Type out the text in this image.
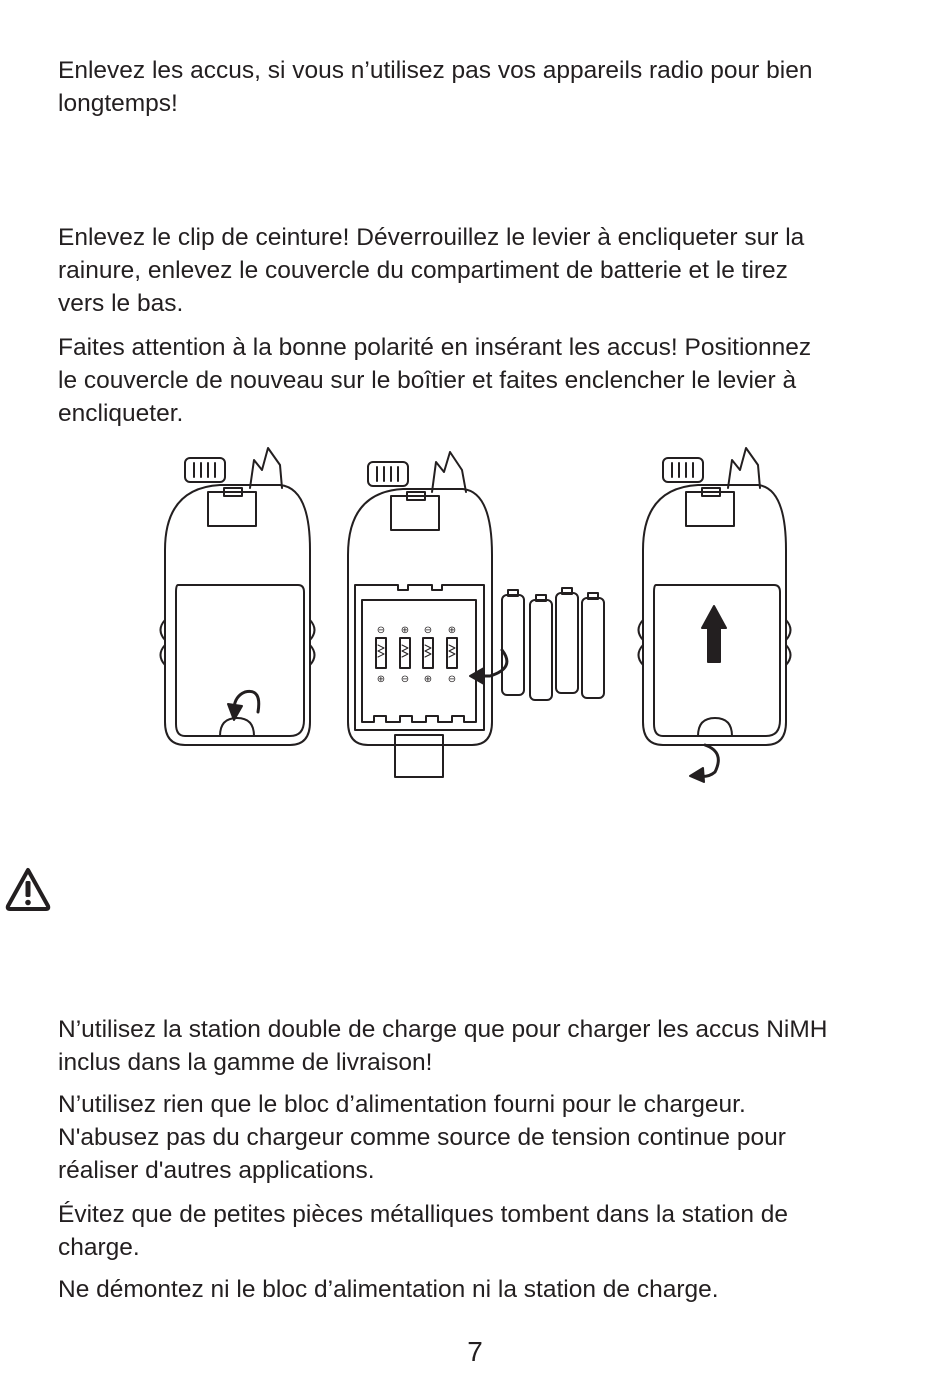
Enlevez les accus, si vous n’utilisez pas vos appareils radio pour bien
longtemps!
Enlevez le clip de ceinture! Déverrouillez le levier à encliqueter sur la
rainure, enlevez le couvercle du compartiment de batterie et le tirez
vers le bas.
Faites attention à la bonne polarité en insérant les accus! Positionnez
le couvercle de nouveau sur le boîtier et faites enclencher le levier à
encliqueter.
⊖ ⊕ ⊖ ⊕
⊕ ⊖ ⊕ ⊖
N’utilisez la station double de charge que pour charger les accus NiMH
inclus dans la gamme de livraison!
N’utilisez rien que le bloc d’alimentation fourni pour le chargeur.
N'abusez pas du chargeur comme source de tension continue pour
réaliser d'autres applications.
Évitez que de petites pièces métalliques tombent dans la station de
charge.
Ne démontez ni le bloc d’alimentation ni la station de charge.
7
